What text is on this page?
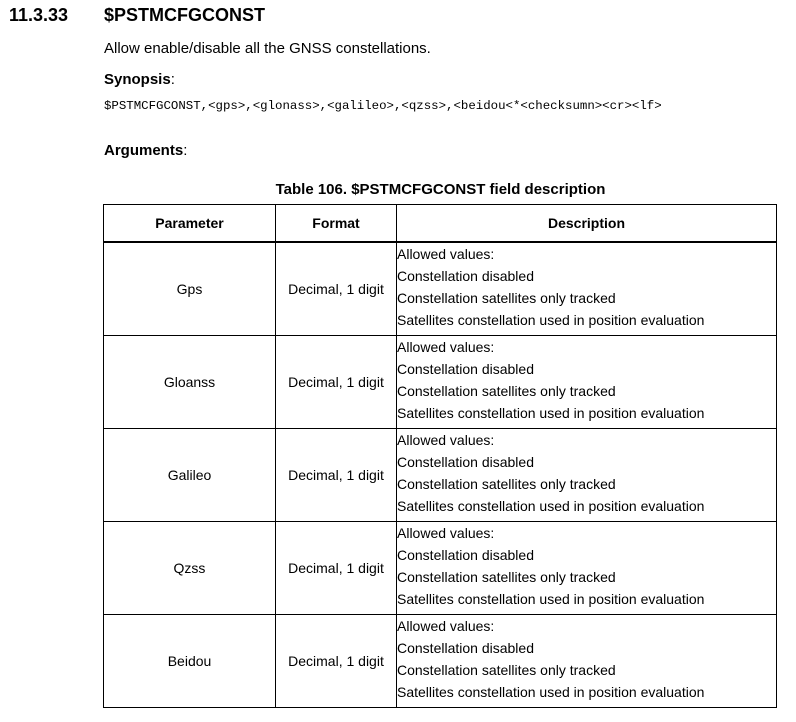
11.3.33 $PSTMCFGCONST
Allow enable/disable all the GNSS constellations.
Synopsis:
$PSTMCFGCONST,<gps>,<glonass>,<galileo>,<qzss>,<beidou<*<checksumn><cr><lf>
Arguments:
Table 106. $PSTMCFGCONST field description
Parameter	Format	Description
Gps	Decimal, 1 digit	Allowed values:
Constellation disabled
Constellation satellites only tracked
Satellites constellation used in position evaluation

Gloanss	Decimal, 1 digit	Allowed values:
Constellation disabled
Constellation satellites only tracked
Satellites constellation used in position evaluation

Galileo	Decimal, 1 digit	Allowed values:
Constellation disabled
Constellation satellites only tracked
Satellites constellation used in position evaluation

Qzss	Decimal, 1 digit	Allowed values:
Constellation disabled
Constellation satellites only tracked
Satellites constellation used in position evaluation

Beidou	Decimal, 1 digit	Allowed values:
Constellation disabled
Constellation satellites only tracked
Satellites constellation used in position evaluation
